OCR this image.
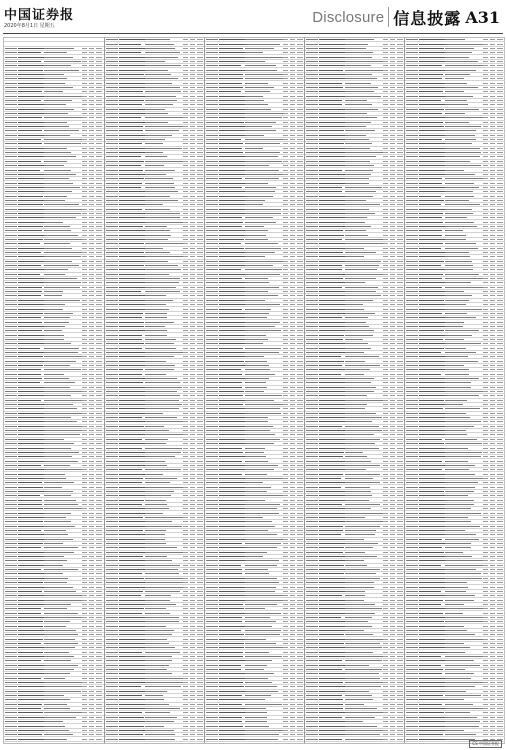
中国证券报
2020年8月1日 星期五
Disclosure 信息披露 A31
CS 中国证券报
